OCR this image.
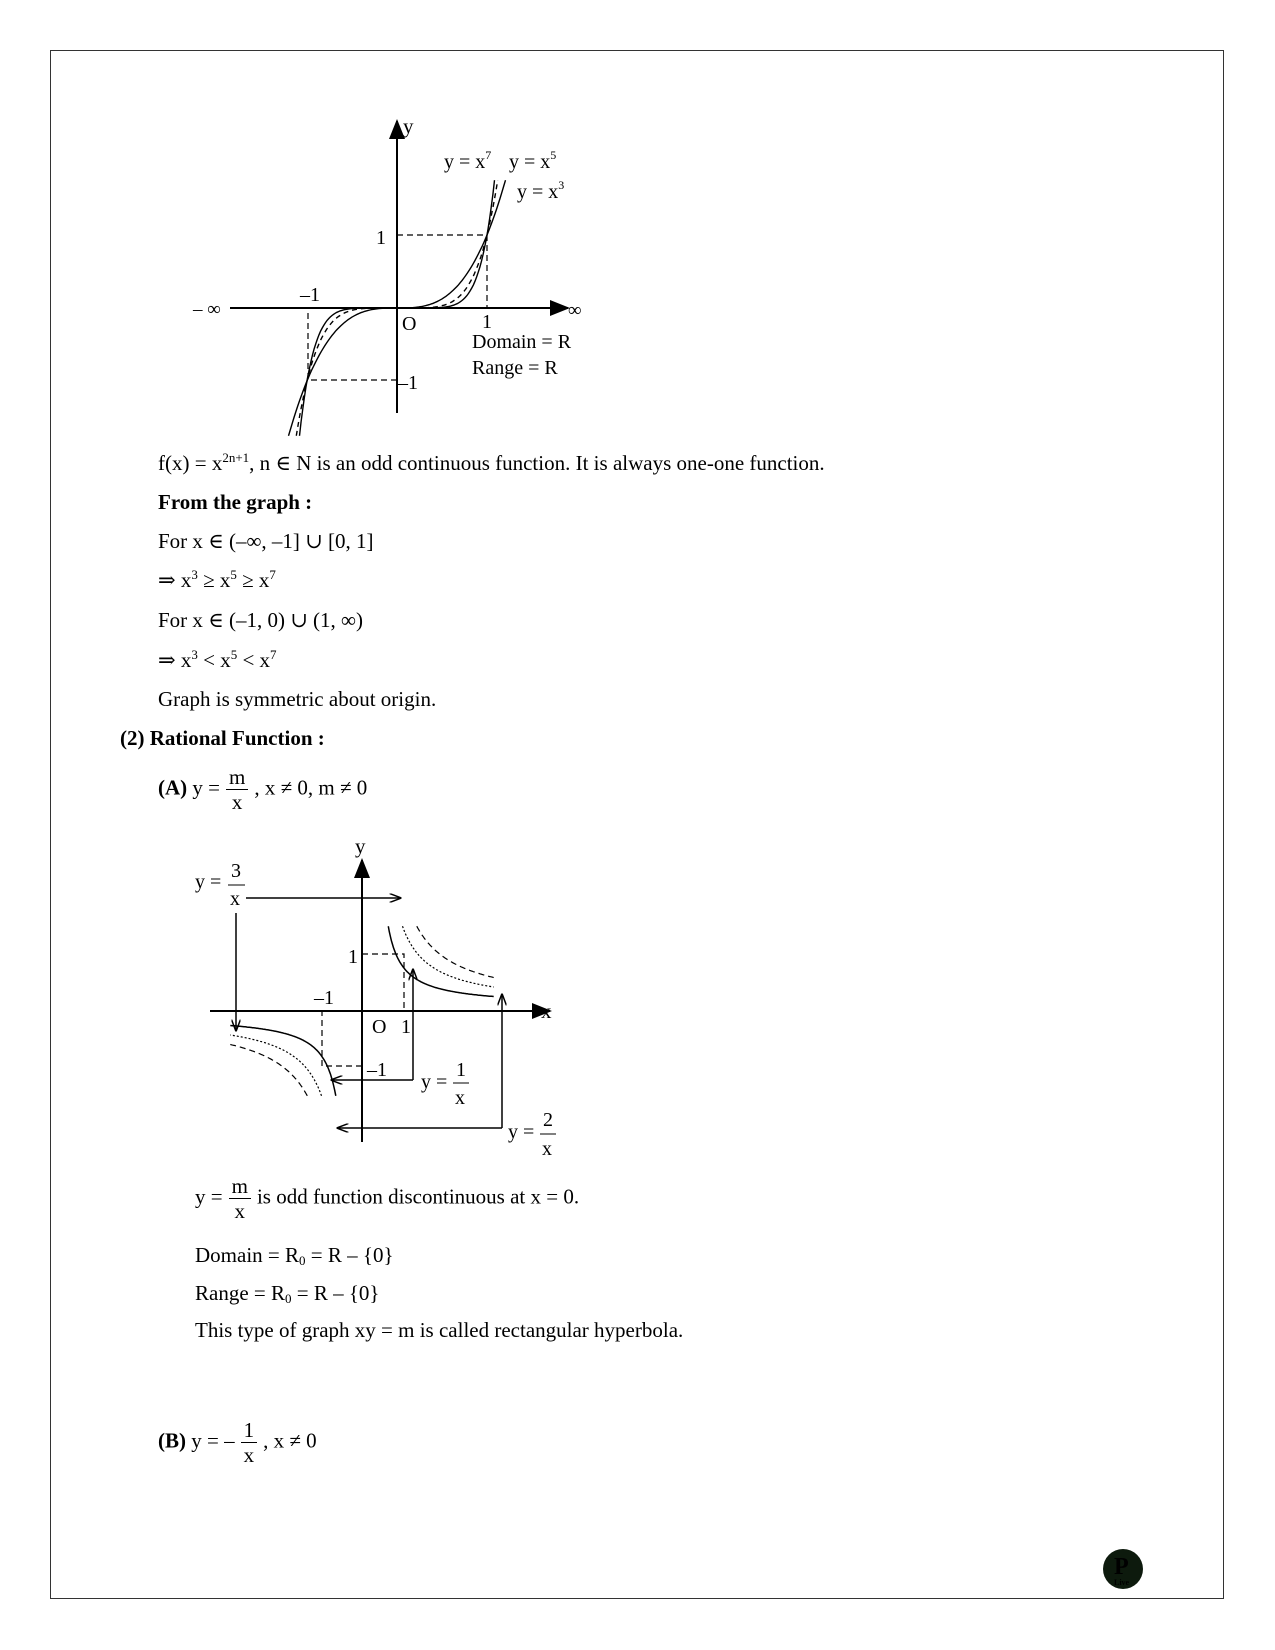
y
– ∞	∞
O	1
–1
1
–1
$y = x^7$ $y = x^5$
$y = x^3$
Domain = R
Range = R
y
x
O 1
–1
1
–1
y = 3
x
y =
1
x
y =
2
x
$f(x) = x^{2n+1}$, n ∈ N is an odd continuous function. It is always one-one function.
From the graph :
For x ∈ (–∞, –1] ∪ [0, 1]
⇒ $x^3 \ge x^5 \ge x^7$
For x ∈ (–1, 0) ∪ (1, ∞)
⇒ $x^3 < x^5 < x^7$
Graph is symmetric about origin.
(2) Rational Function :
(A) $y = \frac{m}{x}$ , x ≠ 0, m ≠ 0
$y = \frac{m}{x}$ is odd function discontinuous at x = 0.
Domain = $R_0 = R - \{0\}$
Range = $R_0 = R - \{0\}$
This type of graph xy = m is called rectangular hyperbola.
(B) y = – $\frac{1}{x}$ , x ≠ 0
P
Live
